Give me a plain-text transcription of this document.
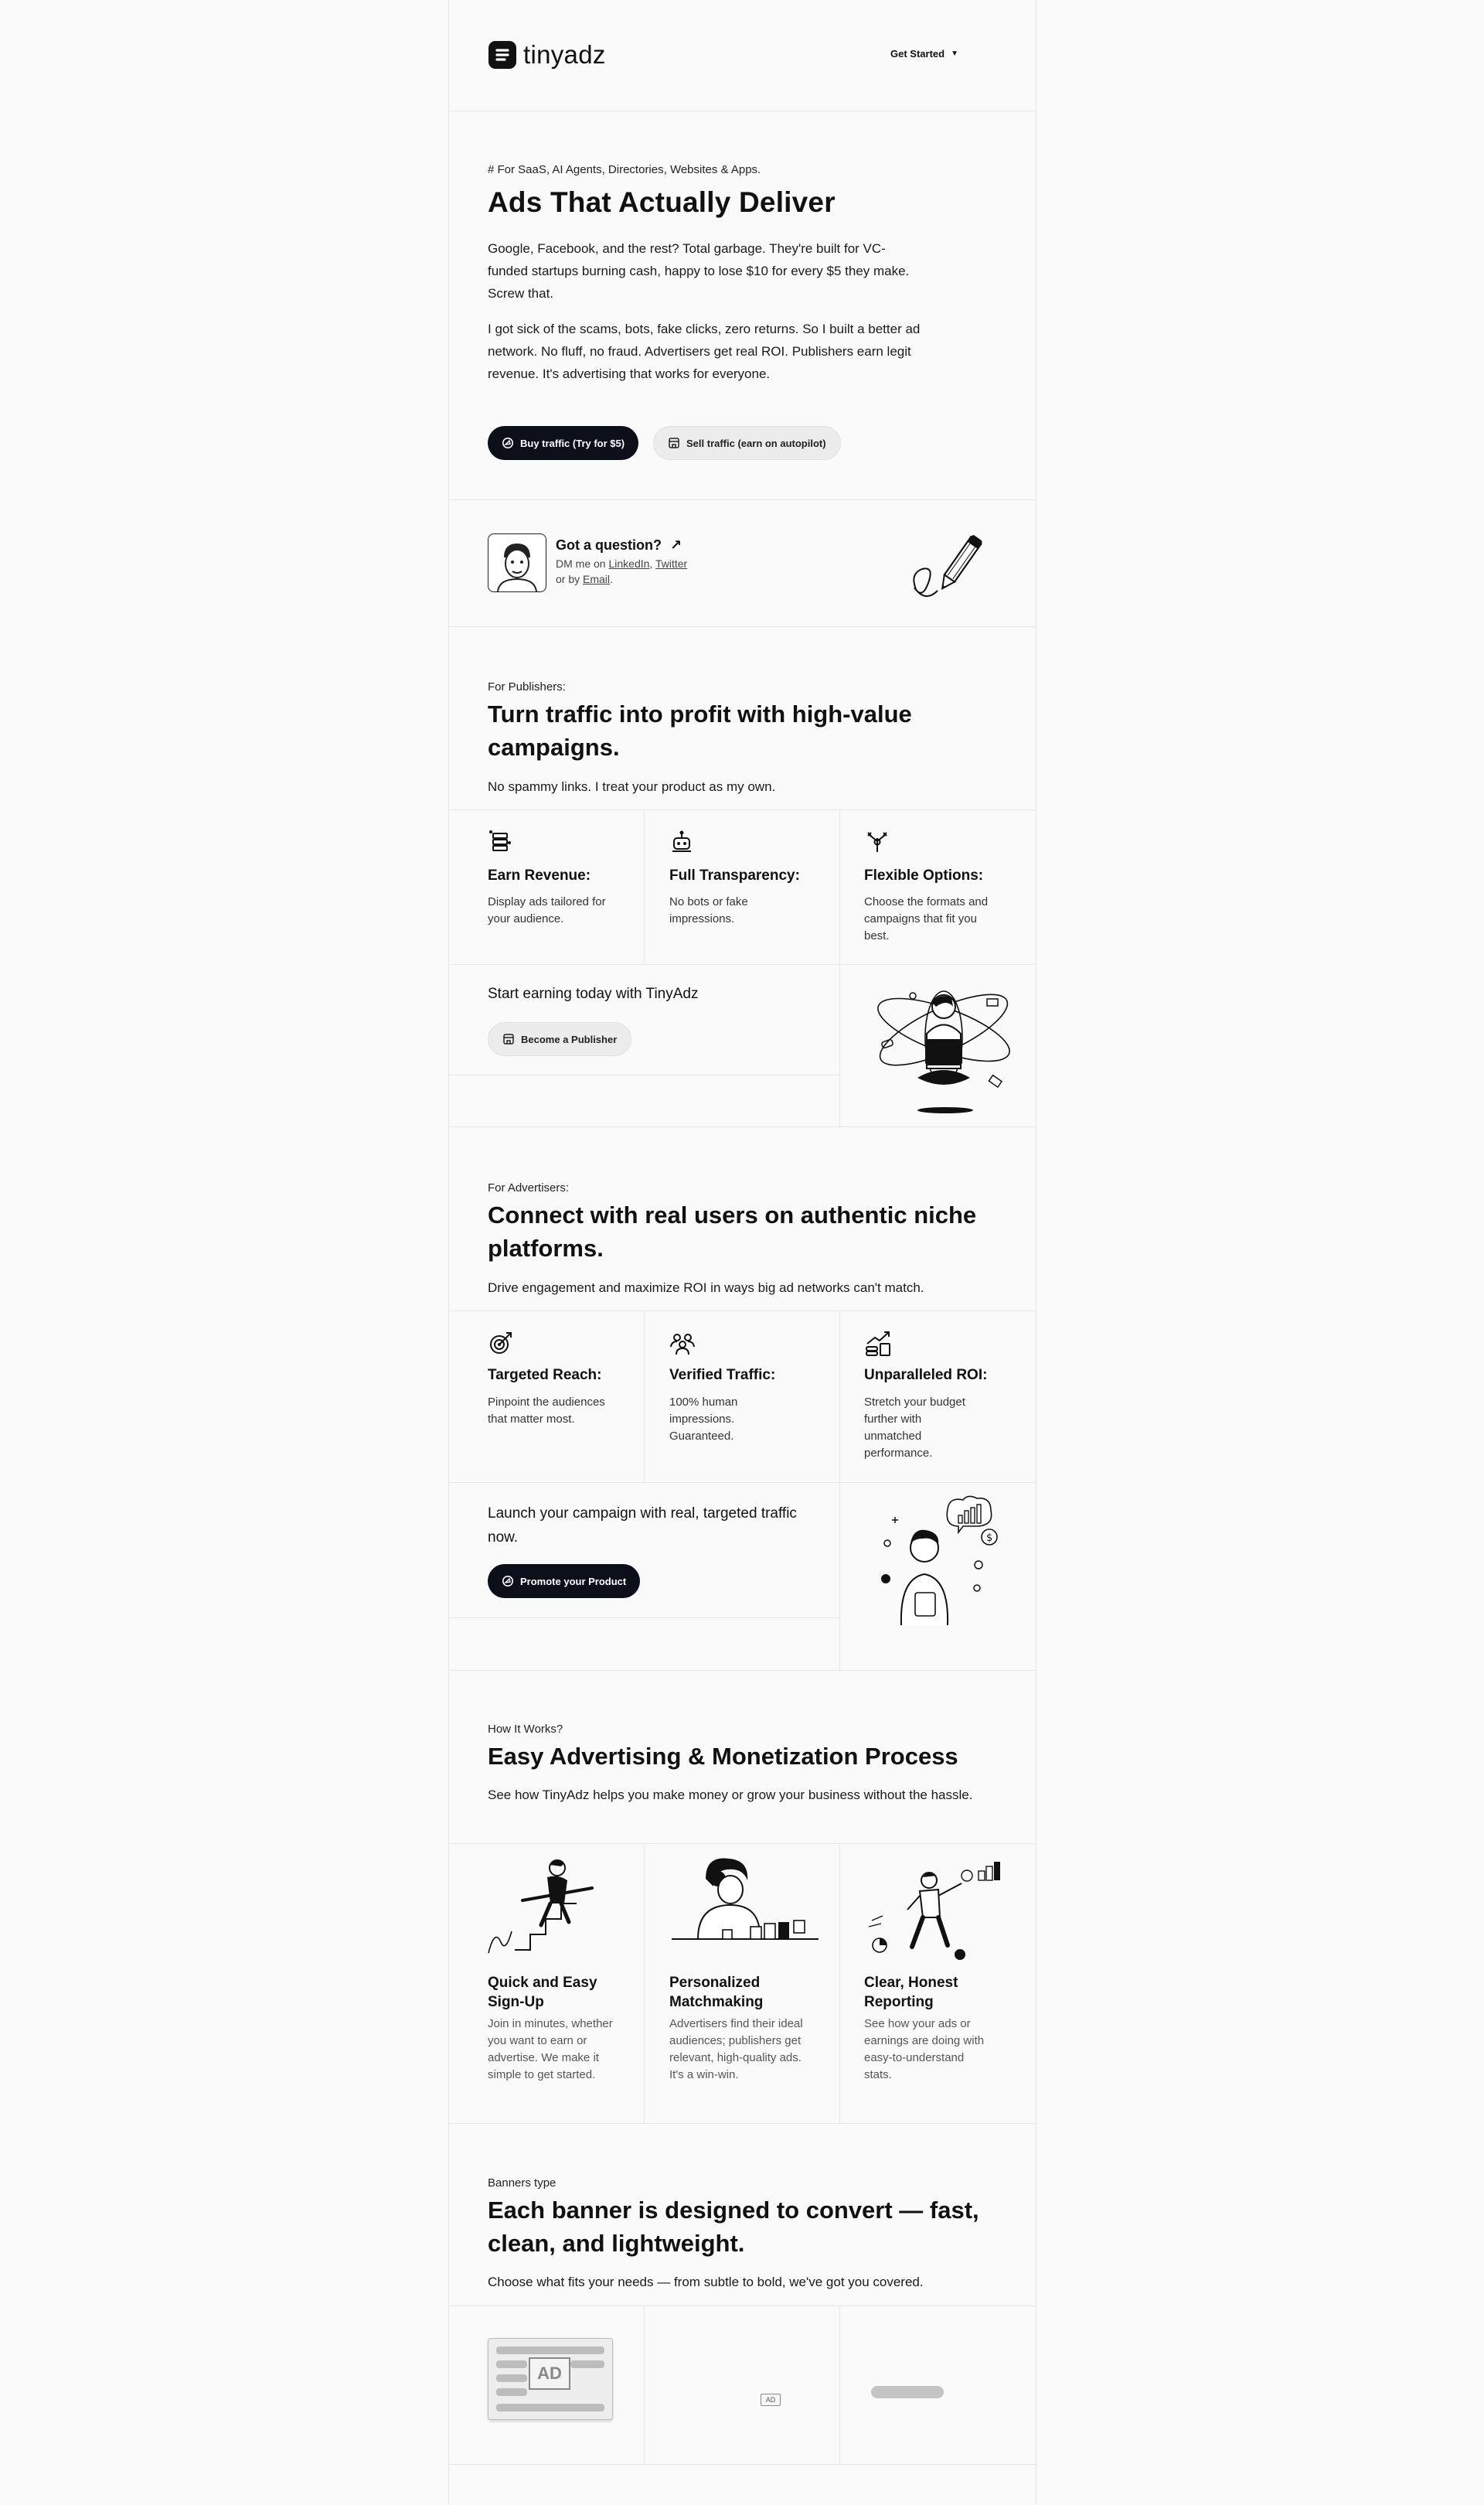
tinyadz	Get Started ▼
# For SaaS, AI Agents, Directories, Websites & Apps.
Ads That Actually Deliver
Google, Facebook, and the rest? Total garbage. They're built for VC-funded startups burning cash, happy to lose $10 for every $5 they make. Screw that.
I got sick of the scams, bots, fake clicks, zero returns. So I built a better ad network. No fluff, no fraud. Advertisers get real ROI. Publishers earn legit revenue. It's advertising that works for everyone.
Buy traffic (Try for $5)	Sell traffic (earn on autopilot)
Got a question? ↗
DM me on LinkedIn, Twitter
or by Email.
For Publishers:
Turn traffic into profit with high-value campaigns.
No spammy links. I treat your product as my own.
Earn Revenue:
Display ads tailored for your audience.
Full Transparency:
No bots or fake impressions.
Flexible Options:
Choose the formats and campaigns that fit you best.
Start earning today with TinyAdz
Become a Publisher
For Advertisers:
Connect with real users on authentic niche platforms.
Drive engagement and maximize ROI in ways big ad networks can't match.
Targeted Reach:
Pinpoint the audiences that matter most.
Verified Traffic:
100% human impressions. Guaranteed.
Unparalleled ROI:
Stretch your budget further with unmatched performance.
Launch your campaign with real, targeted traffic now.
Promote your Product
$
How It Works?
Easy Advertising & Monetization Process
See how TinyAdz helps you make money or grow your business without the hassle.
Quick and Easy Sign-Up
Join in minutes, whether you want to earn or advertise. We make it simple to get started.
Personalized Matchmaking
Advertisers find their ideal audiences; publishers get relevant, high-quality ads. It's a win-win.
Clear, Honest Reporting
See how your ads or earnings are doing with easy-to-understand stats.
Banners type
Each banner is designed to convert — fast, clean, and lightweight.
Choose what fits your needs — from subtle to bold, we've got you covered.
AD
AD
